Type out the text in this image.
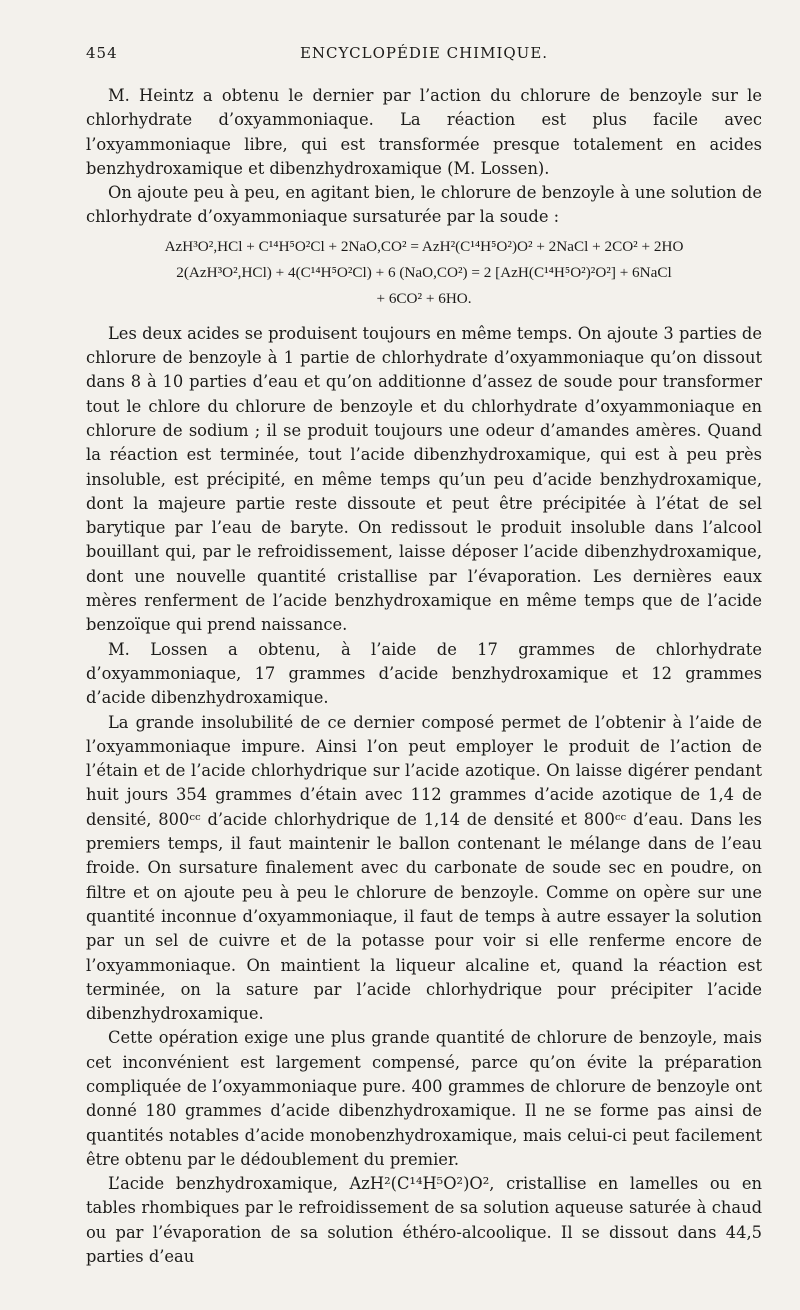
454	ENCYCLOPÉDIE CHIMIQUE.

M. Heintz a obtenu le dernier par l’action du chlorure de benzoyle sur le chlorhydrate d’oxyammoniaque. La réaction est plus facile avec l’oxyammoniaque libre, qui est transformée presque totalement en acides benzhydroxamique et dibenzhydroxamique (M. Lossen).

On ajoute peu à peu, en agitant bien, le chlorure de benzoyle à une solution de chlorhydrate d’oxyammoniaque sursaturée par la soude :

AzH³O²,HCl + C¹⁴H⁵O²Cl + 2NaO,CO² = AzH²(C¹⁴H⁵O²)O² + 2NaCl + 2CO² + 2HO

2(AzH³O²,HCl) + 4(C¹⁴H⁵O²Cl) + 6 (NaO,CO²) = 2 [AzH(C¹⁴H⁵O²)²O²] + 6NaCl

+ 6CO² + 6HO.

Les deux acides se produisent toujours en même temps. On ajoute 3 parties de chlorure de benzoyle à 1 partie de chlorhydrate d’oxyammoniaque qu’on dissout dans 8 à 10 parties d’eau et qu’on additionne d’assez de soude pour transformer tout le chlore du chlorure de benzoyle et du chlorhydrate d’oxyammoniaque en chlorure de sodium ; il se produit toujours une odeur d’amandes amères. Quand la réaction est terminée, tout l’acide dibenzhydroxamique, qui est à peu près insoluble, est précipité, en même temps qu’un peu d’acide benzhydroxamique, dont la majeure partie reste dissoute et peut être précipitée à l’état de sel barytique par l’eau de baryte. On redissout le produit insoluble dans l’alcool bouillant qui, par le refroidissement, laisse déposer l’acide dibenzhydroxamique, dont une nouvelle quantité cristallise par l’évaporation. Les dernières eaux mères renferment de l’acide benzhydroxamique en même temps que de l’acide benzoïque qui prend naissance.

M. Lossen a obtenu, à l’aide de 17 grammes de chlorhydrate d’oxyammoniaque, 17 grammes d’acide benzhydroxamique et 12 grammes d’acide dibenzhydroxamique.

La grande insolubilité de ce dernier composé permet de l’obtenir à l’aide de l’oxyammoniaque impure. Ainsi l’on peut employer le produit de l’action de l’étain et de l’acide chlorhydrique sur l’acide azotique. On laisse digérer pendant huit jours 354 grammes d’étain avec 112 grammes d’acide azotique de 1,4 de densité, 800ᶜᶜ d’acide chlorhydrique de 1,14 de densité et 800ᶜᶜ d’eau. Dans les premiers temps, il faut maintenir le ballon contenant le mélange dans de l’eau froide. On sursature finalement avec du carbonate de soude sec en poudre, on filtre et on ajoute peu à peu le chlorure de benzoyle. Comme on opère sur une quantité inconnue d’oxyammoniaque, il faut de temps à autre essayer la solution par un sel de cuivre et de la potasse pour voir si elle renferme encore de l’oxyammoniaque. On maintient la liqueur alcaline et, quand la réaction est terminée, on la sature par l’acide chlorhydrique pour précipiter l’acide dibenzhydroxamique.

Cette opération exige une plus grande quantité de chlorure de benzoyle, mais cet inconvénient est largement compensé, parce qu’on évite la préparation compliquée de l’oxyammoniaque pure. 400 grammes de chlorure de benzoyle ont donné 180 grammes d’acide dibenzhydroxamique. Il ne se forme pas ainsi de quantités notables d’acide monobenzhydroxamique, mais celui-ci peut facilement être obtenu par le dédoublement du premier.

L’acide benzhydroxamique, AzH²(C¹⁴H⁵O²)O², cristallise en lamelles ou en tables rhombiques par le refroidissement de sa solution aqueuse saturée à chaud ou par l’évaporation de sa solution éthéro-alcoolique. Il se dissout dans 44,5 parties d’eau
